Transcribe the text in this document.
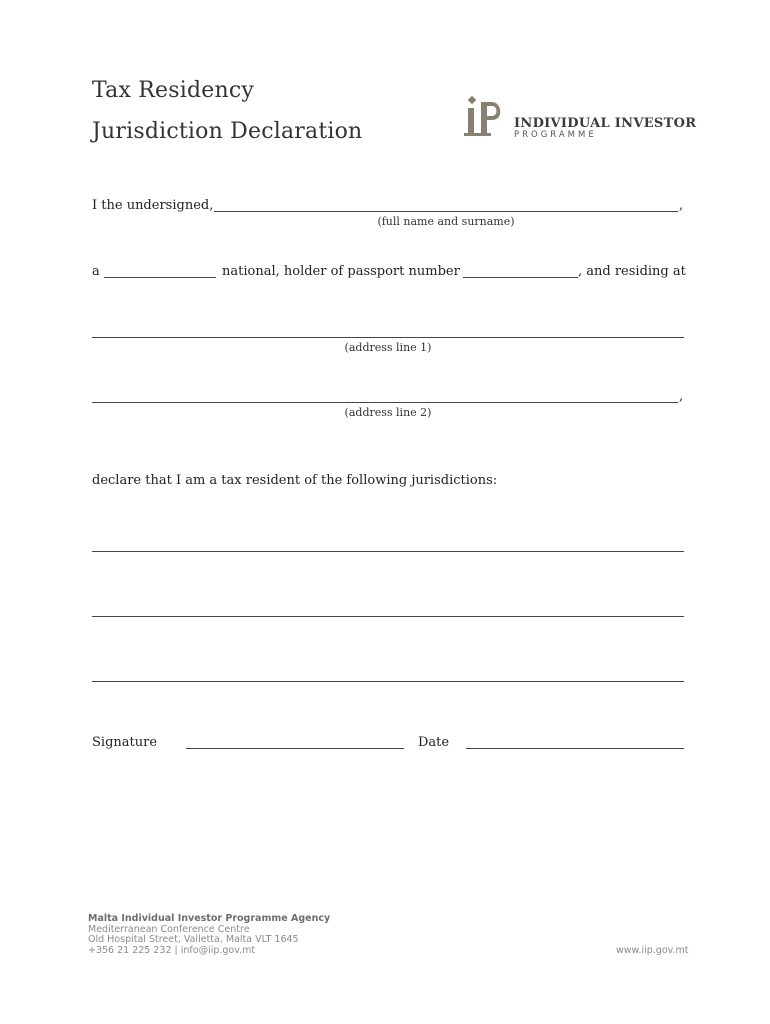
Tax Residency
Jurisdiction Declaration	INDIVIDUAL INVESTOR
PROGRAMME
I the undersigned,	,
(full name and surname)
a	national, holder of passport number	, and residing at
(address line 1)
,
(address line 2)
declare that I am a tax resident of the following jurisdictions:
Signature	Date
Malta Individual Investor Programme Agency
Mediterranean Conference Centre
Old Hospital Street, Valletta, Malta VLT 1645
+356 21 225 232 | info@iip.gov.mt	www.iip.gov.mt
